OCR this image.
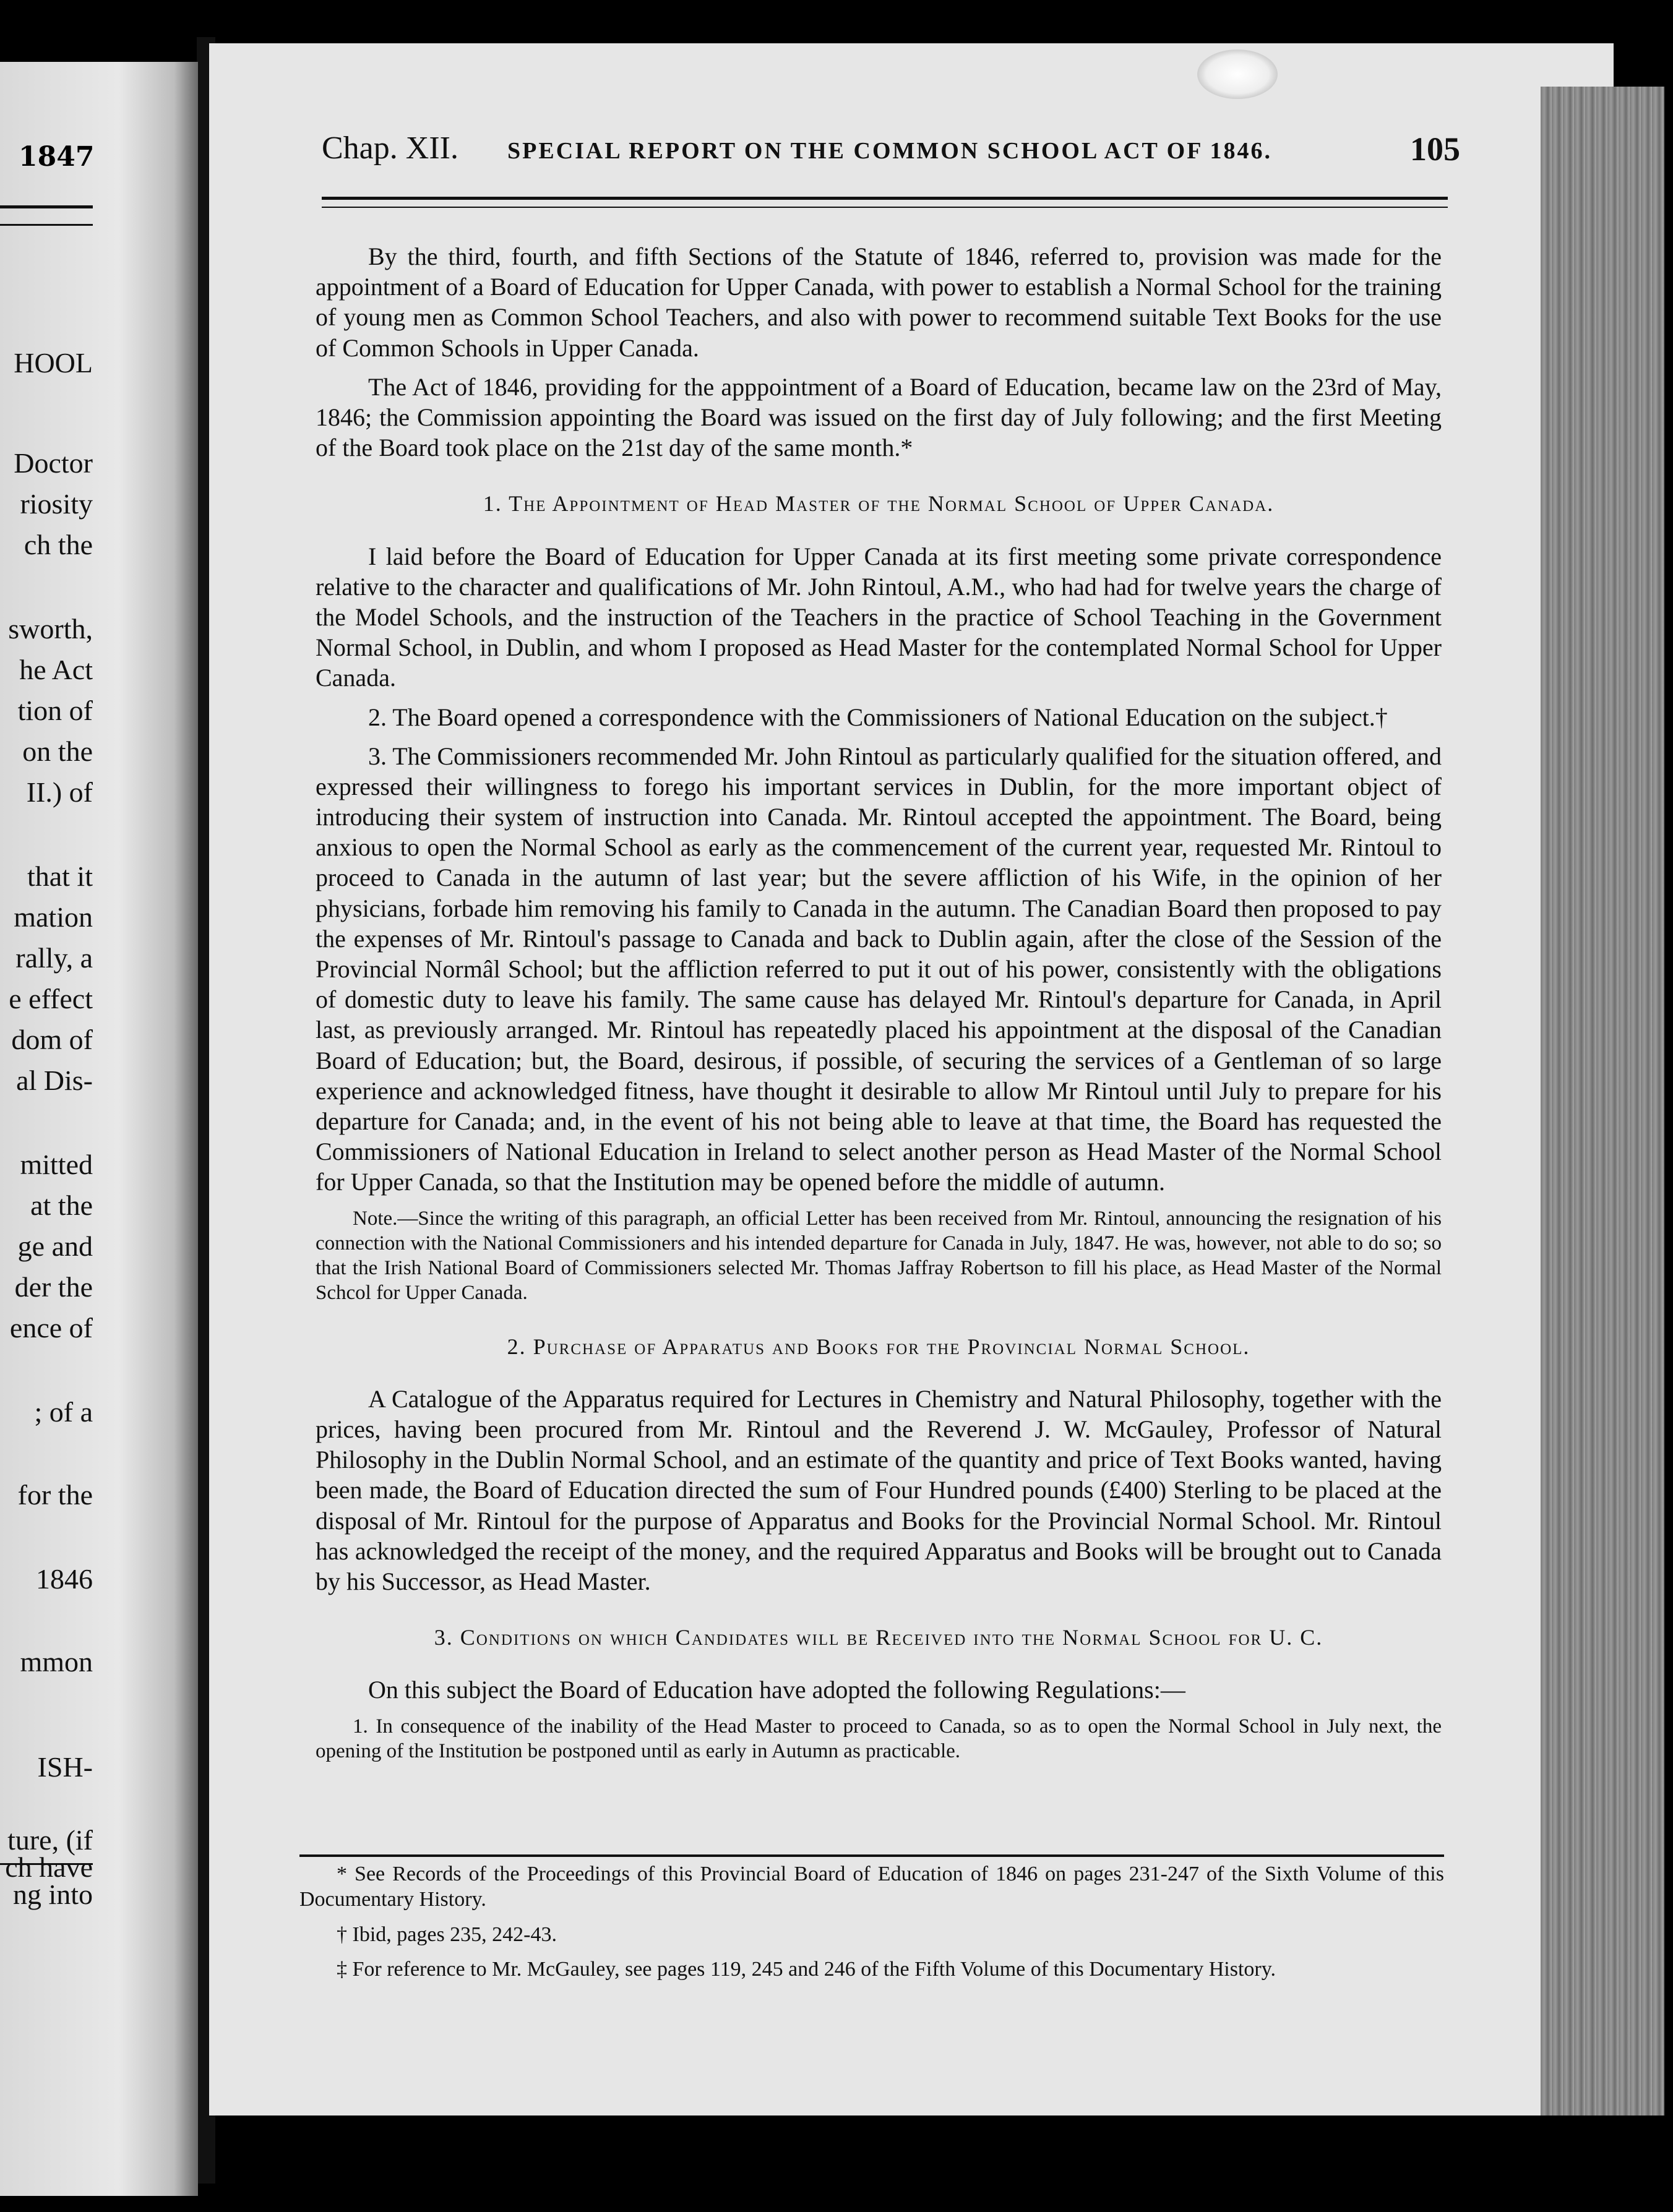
1847
HOOL
Doctor
riosity
ch the
sworth,
he Act
tion of
on the
II.) of
that it
mation
rally, a
e effect
dom of
al Dis-
mitted
at the
ge and
der the
ence of
; of a
for the
1846
mmon
ISH-
ture, (if
ch have
ng into
Chap. XII. SPECIAL REPORT ON THE COMMON SCHOOL ACT OF 1846.	105

By the third, fourth, and fifth Sections of the Statute of 1846, referred to, provision was made for the appointment of a Board of Education for Upper Canada, with power to establish a Normal School for the training of young men as Common School Teachers, and also with power to recommend suitable Text Books for the use of Common Schools in Upper Canada.

The Act of 1846, providing for the apppointment of a Board of Education, became law on the 23rd of May, 1846; the Commission appointing the Board was issued on the first day of July following; and the first Meeting of the Board took place on the 21st day of the same month.*

1. The Appointment of Head Master of the Normal School of Upper Canada.

I laid before the Board of Education for Upper Canada at its first meeting some private correspondence relative to the character and qualifications of Mr. John Rintoul, A.M., who had had for twelve years the charge of the Model Schools, and the instruction of the Teachers in the practice of School Teaching in the Government Normal School, in Dublin, and whom I proposed as Head Master for the contemplated Normal School for Upper Canada.

2. The Board opened a correspondence with the Commissioners of National Education on the subject.†

3. The Commissioners recommended Mr. John Rintoul as particularly qualified for the situation offered, and expressed their willingness to forego his important services in Dublin, for the more important object of introducing their system of instruction into Canada. Mr. Rintoul accepted the appointment. The Board, being anxious to open the Normal School as early as the commencement of the current year, requested Mr. Rintoul to proceed to Canada in the autumn of last year; but the severe affliction of his Wife, in the opinion of her physicians, forbade him removing his family to Canada in the autumn. The Canadian Board then proposed to pay the expenses of Mr. Rintoul's passage to Canada and back to Dublin again, after the close of the Session of the Provincial Normâl School; but the affliction referred to put it out of his power, consistently with the obligations of domestic duty to leave his family. The same cause has delayed Mr. Rintoul's departure for Canada, in April last, as previously arranged. Mr. Rintoul has repeatedly placed his appointment at the disposal of the Canadian Board of Education; but, the Board, desirous, if possible, of securing the services of a Gentleman of so large experience and acknowledged fitness, have thought it desirable to allow Mr Rintoul until July to prepare for his departure for Canada; and, in the event of his not being able to leave at that time, the Board has requested the Commissioners of National Education in Ireland to select another person as Head Master of the Normal School for Upper Canada, so that the Institution may be opened before the middle of autumn.

Note.—Since the writing of this paragraph, an official Letter has been received from Mr. Rintoul, announcing the resignation of his connection with the National Commissioners and his intended departure for Canada in July, 1847. He was, however, not able to do so; so that the Irish National Board of Commissioners selected Mr. Thomas Jaffray Robertson to fill his place, as Head Master of the Normal Schcol for Upper Canada.

2. Purchase of Apparatus and Books for the Provincial Normal School.

A Catalogue of the Apparatus required for Lectures in Chemistry and Natural Philosophy, together with the prices, having been procured from Mr. Rintoul and the Reverend J. W. McGauley, Professor of Natural Philosophy in the Dublin Normal School, and an estimate of the quantity and price of Text Books wanted, having been made, the Board of Education directed the sum of Four Hundred pounds (£400) Sterling to be placed at the disposal of Mr. Rintoul for the purpose of Apparatus and Books for the Provincial Normal School. Mr. Rintoul has acknowledged the receipt of the money, and the required Apparatus and Books will be brought out to Canada by his Successor, as Head Master.

3. Conditions on which Candidates will be Received into the Normal School for U. C.

On this subject the Board of Education have adopted the following Regulations:—

1. In consequence of the inability of the Head Master to proceed to Canada, so as to open the Normal School in July next, the opening of the Institution be postponed until as early in Autumn as practicable.

* See Records of the Proceedings of this Provincial Board of Education of 1846 on pages 231-247 of the Sixth Volume of this Documentary History.

† Ibid, pages 235, 242-43.

‡ For reference to Mr. McGauley, see pages 119, 245 and 246 of the Fifth Volume of this Documentary History.
